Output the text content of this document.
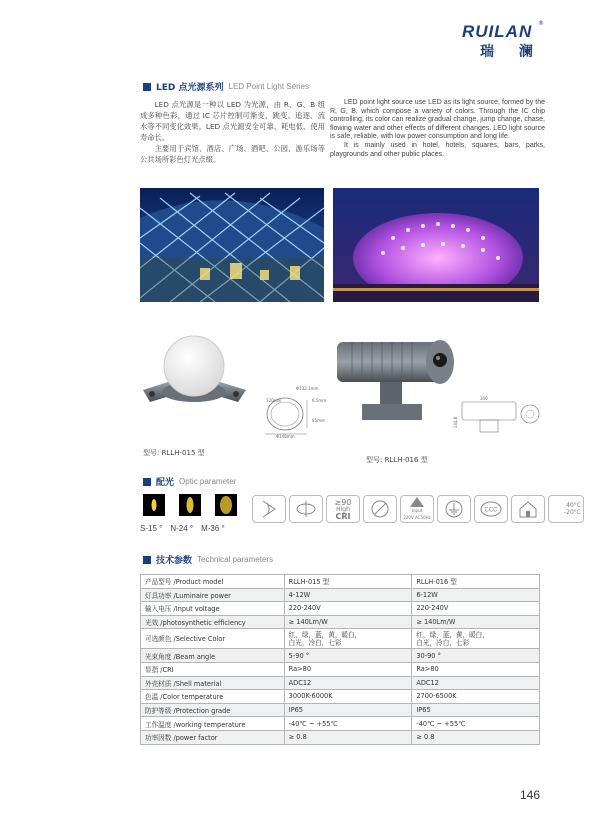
RUILAN ®
瑞 澜
LED 点光源系列 LED Point Light Series

LED 点光源是一种以 LED 为光源，由 R、G、B 组成多种色彩，通过 IC 芯片控制可渐变、跳变、追逐、流水等不同变化效果。LED 点光源安全可靠、耗电低、使用寿命长。

主要用于宾馆、酒店、广场、酒吧、公园、游乐场等公共场所彩色灯光点缀。

LED point light source use LED as its light source, formed by the R, G, B, which compose a variety of colors. Through the IC chip controlling, its color can realize gradual change, jump change, chase, flowing water and other effects of different changes. LED light source is safe, reliable, with low power consumption and long life.

It is mainly used in hotel, hotels, squares, bars, parks, playgrounds and other public places.

120mm
Φ132.3mm
6.5mm
95mm
Φ148mm
型号: RLLH-015 型
340
144.8
型号: RLLH-016 型
配光 Optic parameter
S-15 ° N-24 ° M-36 °
≥90
High
CRI
Input
220V AC50Hz
CCC
40°C
-20°C
技术参数 Technical parameters
产品型号 /Product model	RLLH-015 型	RLLH-016 型
灯具功率 /Luminaire power	4-12W	6-12W
输入电压 /Input voltage	220-240V	220-240V
光效 /photosynthetic efficiency	≥ 140Lm/W	≥ 140Lm/W
可选颜色 /Selective Color	红，绿，蓝，黄，暖白，
白光，冷白，七彩	红，绿，蓝，黄，暖白，
白光，冷白，七彩
光束角度 /Beam angle	5-90 °	30-90 °
显指 /CRI	Ra>80	Ra>80
外壳材质 /Shell material	ADC12	ADC12
色温 /Color temperature	3000K-6000K	2700-6500K
防护等级 /Protection grade	IP65	IP65
工作温度 /working temperature	-40℃ ~ +55℃	-40℃ ~ +55℃
功率因数 /power factor	≥ 0.8	≥ 0.8
146
